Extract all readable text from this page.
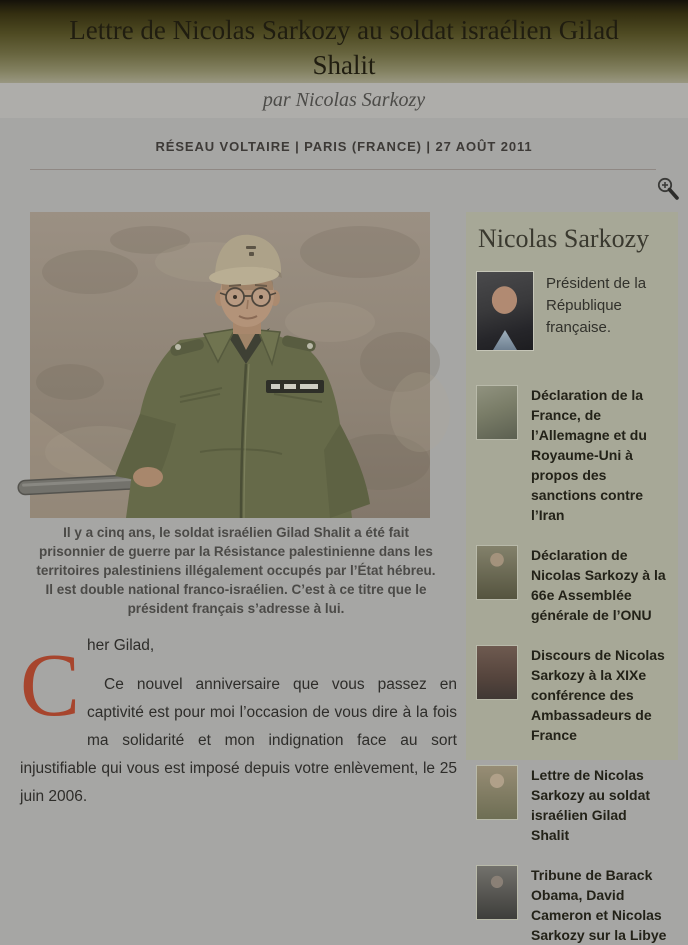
Lettre de Nicolas Sarkozy au soldat israélien Gilad Shalit
par Nicolas Sarkozy
RÉSEAU VOLTAIRE | PARIS (FRANCE) | 27 AOÛT 2011
Il y a cinq ans, le soldat israélien Gilad Shalit a été fait prisonnier de guerre par la Résistance palestinienne dans les territoires palestiniens illégalement occupés par l’État hébreu. Il est double national franco-israélien. C’est à ce titre que le président français s’adresse à lui.
C her Gilad,

Ce nouvel anniversaire que vous passez en captivité est pour moi l’occasion de vous dire à la fois ma solidarité et mon indignation face au sort injustifiable qui vous est imposé depuis votre enlèvement, le 25 juin 2006.

Nicolas Sarkozy
Président de la République française.
Déclaration de la France, de l’Allemagne et du Royaume-Uni à propos des sanctions contre l’Iran
Déclaration de Nicolas Sarkozy à la 66e Assemblée générale de l’ONU
Discours de Nicolas Sarkozy à la XIXe conférence des Ambassadeurs de France
Lettre de Nicolas Sarkozy au soldat israélien Gilad Shalit
Tribune de Barack Obama, David Cameron et Nicolas Sarkozy sur la Libye
